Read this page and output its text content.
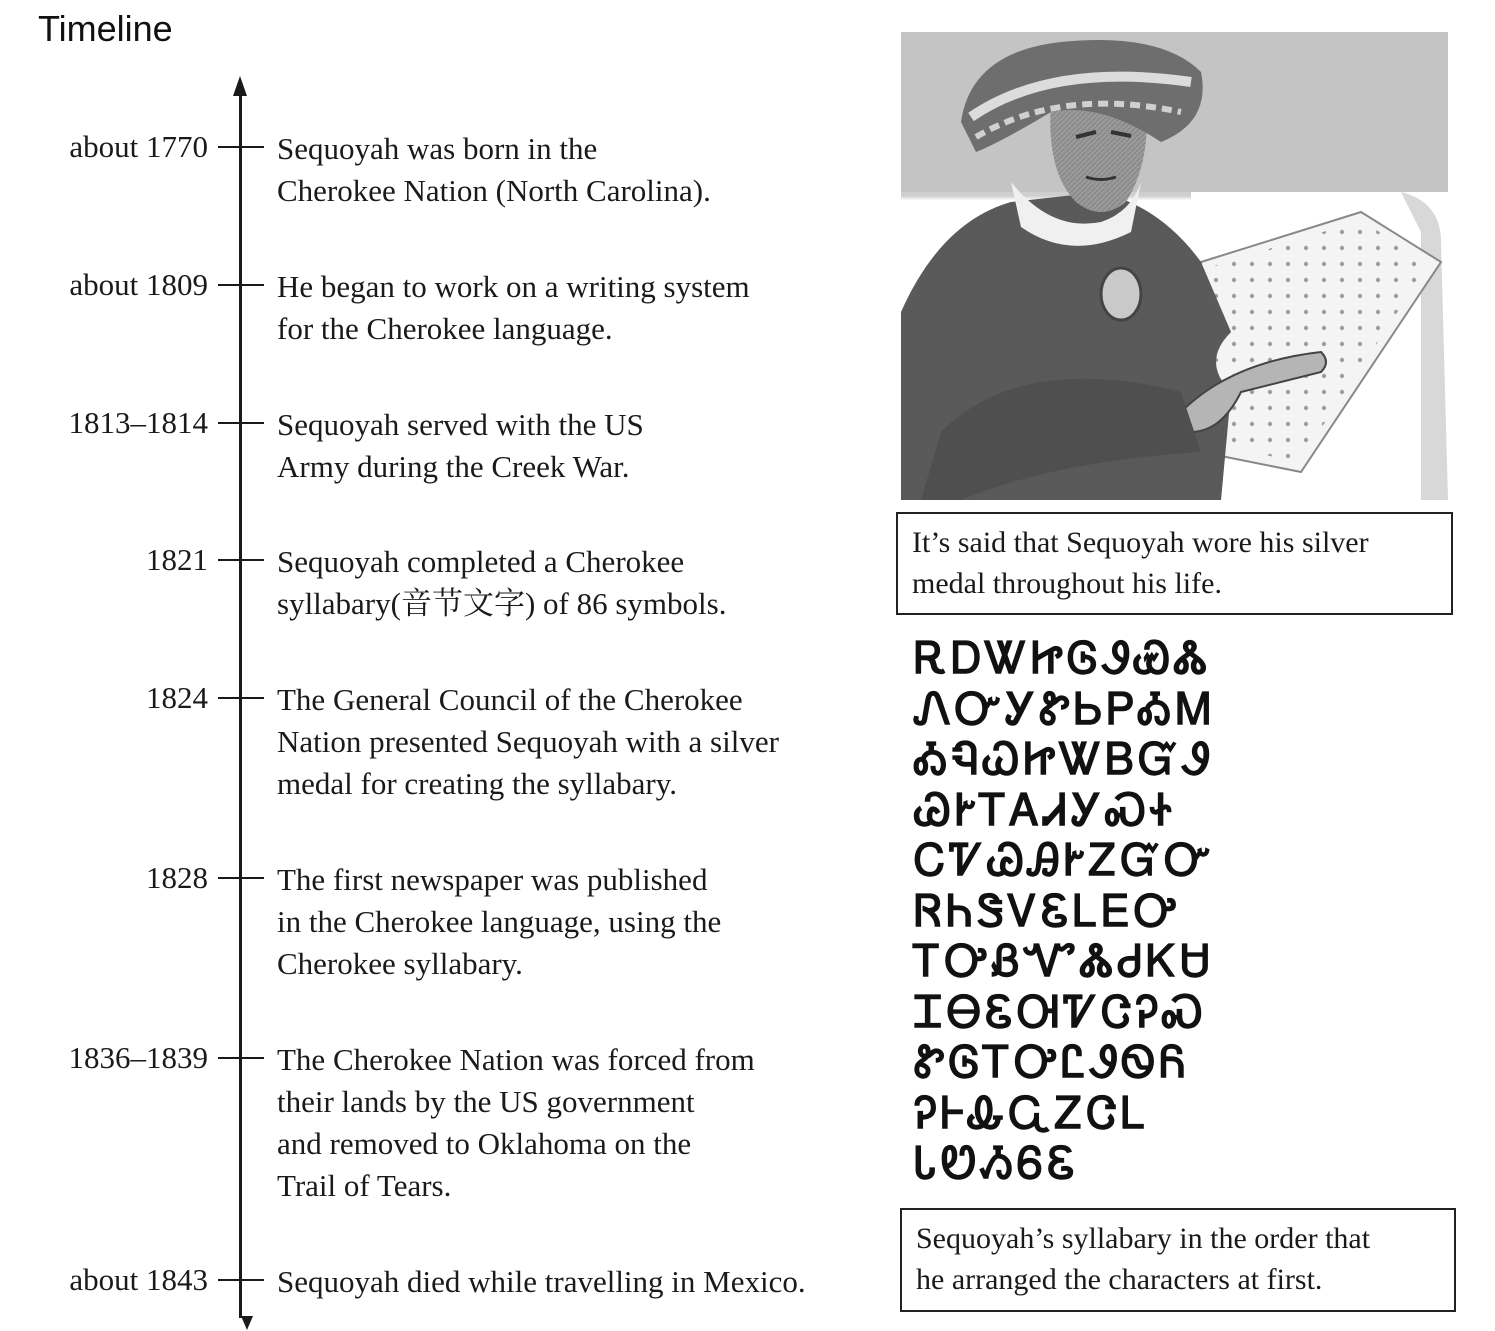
Timeline
about 1770 Sequoyah was born in the
Cherokee Nation (North Carolina).
about 1809 He began to work on a writing system
for the Cherokee language.
1813–1814 Sequoyah served with the US
Army during the Creek War.
1821 Sequoyah completed a Cherokee
syllabary(音节文字) of 86 symbols.
1824 The General Council of the Cherokee
Nation presented Sequoyah with a silver
medal for creating the syllabary.
1828 The first newspaper was published
in the Cherokee language, using the
Cherokee syllabary.
1836–1839 The Cherokee Nation was forced from
their lands by the US government
and removed to Oklahoma on the
Trail of Tears.
about 1843 Sequoyah died while travelling in Mexico.
It’s said that Sequoyah wore his silver
medal throughout his life.
ᎡᎠᏔᏥᎶᏭᏯᏜ
ᏁᏅᎩᏑᏏᏢᎣᎷ
ᎣᏄᏇᏥᏔᏴᏳᏭ
ᏊᎨᎢᎪᏗᎩᏍᏐ
ᏟᏤᏊᎯᎨᏃᏳᏅ
ᏒᏂᏕᏙᏋᏞᎬᎤ
ᎢᎤᏰᏉᏜᏧᏦᏌ
ᏆᎾᏋᎺᏤᏣᎮᏍ
ᏑᎶᎢᎤᏝᏭᏫᏲ
ᎮᎰᎲᏩᏃᏣᏞ
ᏓᏬᏱᏮᏋ
Sequoyah’s syllabary in the order that
he arranged the characters at first.
